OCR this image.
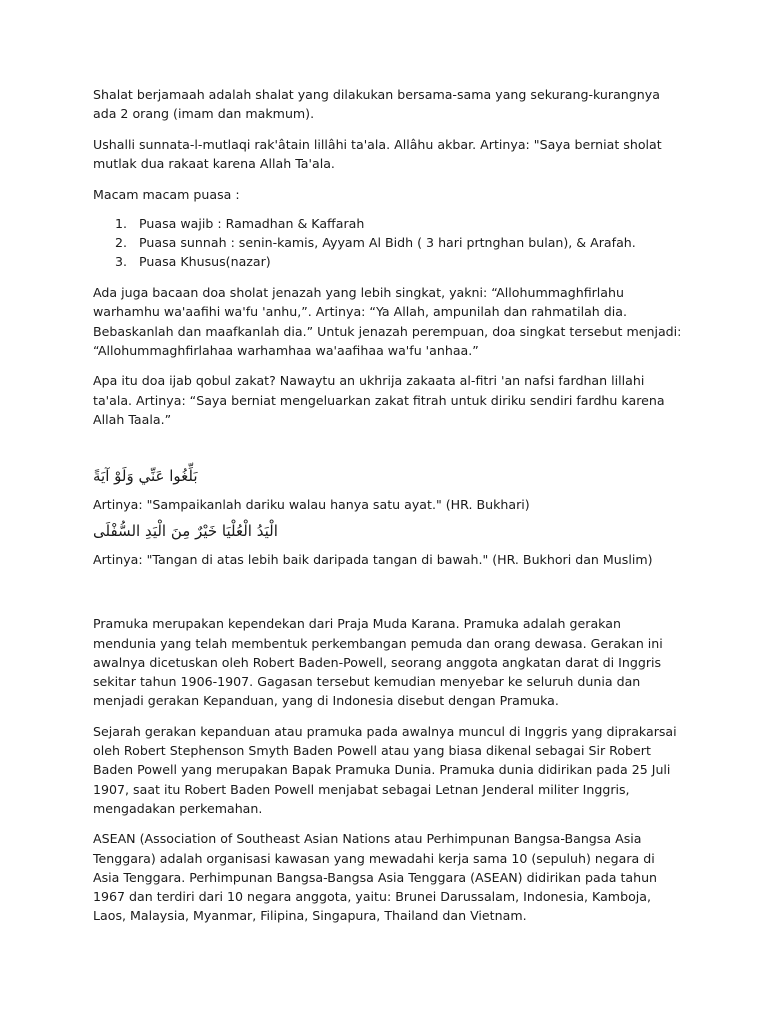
Shalat berjamaah adalah shalat yang dilakukan bersama-sama yang sekurang-kurangnya ada 2 orang (imam dan makmum).

Ushalli sunnata-l-mutlaqi rak'âtain lillâhi ta'ala. Allâhu akbar. Artinya: "Saya berniat sholat mutlak dua rakaat karena Allah Ta'ala.

Macam macam puasa :

1. Puasa wajib : Ramadhan & Kaffarah
2. Puasa sunnah : senin-kamis, Ayyam Al Bidh ( 3 hari prtnghan bulan), & Arafah.
3. Puasa Khusus(nazar)

Ada juga bacaan doa sholat jenazah yang lebih singkat, yakni: “Allohummaghfirlahu warhamhu wa'aafihi wa'fu 'anhu,”. Artinya: “Ya Allah, ampunilah dan rahmatilah dia. Bebaskanlah dan maafkanlah dia.” Untuk jenazah perempuan, doa singkat tersebut menjadi: “Allohummaghfirlahaa warhamhaa wa'aafihaa wa'fu 'anhaa.”

Apa itu doa ijab qobul zakat? Nawaytu an ukhrija zakaata al-fitri 'an nafsi fardhan lillahi ta'ala. Artinya: “Saya berniat mengeluarkan zakat fitrah untuk diriku sendiri fardhu karena Allah Taala.”

بَلِّغُوا عَنِّي وَلَوْ آيَةً

Artinya: "Sampaikanlah dariku walau hanya satu ayat." (HR. Bukhari)

الْيَدُ الْعُلْيَا خَيْرٌ مِنَ الْيَدِ السُّفْلَى

Artinya: "Tangan di atas lebih baik daripada tangan di bawah." (HR. Bukhori dan Muslim)

Pramuka merupakan kependekan dari Praja Muda Karana. Pramuka adalah gerakan mendunia yang telah membentuk perkembangan pemuda dan orang dewasa. Gerakan ini awalnya dicetuskan oleh Robert Baden-Powell, seorang anggota angkatan darat di Inggris sekitar tahun 1906-1907. Gagasan tersebut kemudian menyebar ke seluruh dunia dan menjadi gerakan Kepanduan, yang di Indonesia disebut dengan Pramuka.

Sejarah gerakan kepanduan atau pramuka pada awalnya muncul di Inggris yang diprakarsai oleh Robert Stephenson Smyth Baden Powell atau yang biasa dikenal sebagai Sir Robert Baden Powell yang merupakan Bapak Pramuka Dunia. Pramuka dunia didirikan pada 25 Juli 1907, saat itu Robert Baden Powell menjabat sebagai Letnan Jenderal militer Inggris, mengadakan perkemahan.

ASEAN (Association of Southeast Asian Nations atau Perhimpunan Bangsa-Bangsa Asia Tenggara) adalah organisasi kawasan yang mewadahi kerja sama 10 (sepuluh) negara di Asia Tenggara. Perhimpunan Bangsa-Bangsa Asia Tenggara (ASEAN) didirikan pada tahun 1967 dan terdiri dari 10 negara anggota, yaitu: Brunei Darussalam, Indonesia, Kamboja, Laos, Malaysia, Myanmar, Filipina, Singapura, Thailand dan Vietnam.
